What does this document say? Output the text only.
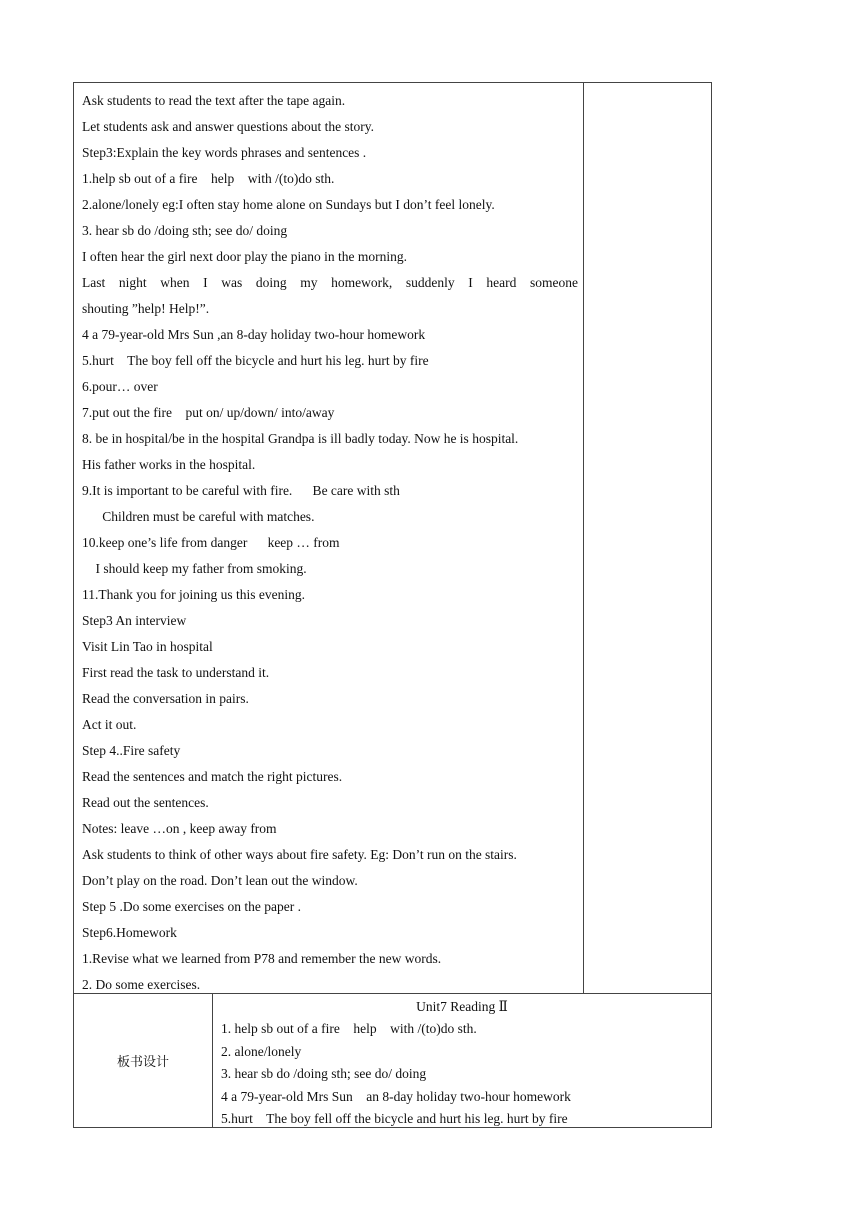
Ask students to read the text after the tape again.
Let students ask and answer questions about the story.
Step3:Explain the key words phrases and sentences .
1.help sb out of a fire    help    with /(to)do sth.
2.alone/lonely eg:I often stay home alone on Sundays but I don’t feel lonely.
3. hear sb do /doing sth; see do/ doing
I often hear the girl next door play the piano in the morning.
Last night when I was doing my homework, suddenly I heard someone
shouting ”help! Help!”.
4 a 79-year-old Mrs Sun ,an 8-day holiday two-hour homework
5.hurt    The boy fell off the bicycle and hurt his leg. hurt by fire
6.pour… over
7.put out the fire    put on/ up/down/ into/away
8. be in hospital/be in the hospital Grandpa is ill badly today. Now he is hospital.
His father works in the hospital.
9.It is important to be careful with fire.      Be care with sth
Children must be careful with matches.
10.keep one’s life from danger      keep … from
I should keep my father from smoking.
11.Thank you for joining us this evening.
Step3 An interview
Visit Lin Tao in hospital
First read the task to understand it.
Read the conversation in pairs.
Act it out.
Step 4..Fire safety
Read the sentences and match the right pictures.
Read out the sentences.
Notes: leave …on , keep away from
Ask students to think of other ways about fire safety. Eg: Don’t run on the stairs.
Don’t play on the road. Don’t lean out the window.
Step 5 .Do some exercises on the paper .
Step6.Homework
1.Revise what we learned from P78 and remember the new words.
2. Do some exercises.
板书设计
Unit7 Reading Ⅱ
1. help sb out of a fire    help    with /(to)do sth.
2. alone/lonely
3. hear sb do /doing sth; see do/ doing
4 a 79-year-old Mrs Sun    an 8-day holiday two-hour homework
5.hurt    The boy fell off the bicycle and hurt his leg. hurt by fire
